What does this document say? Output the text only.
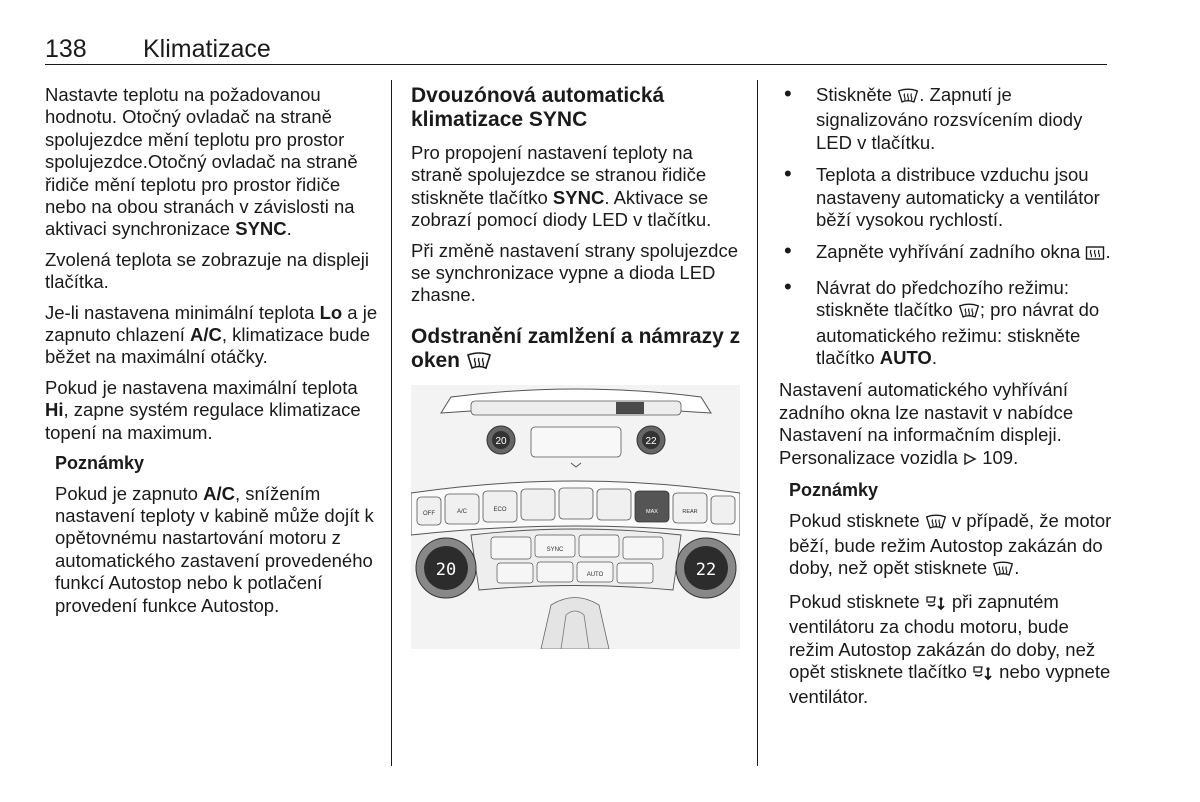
138 Klimatizace

Nastavte teplotu na požadovanou hodnotu. Otočný ovladač na straně spolujezdce mění teplotu pro prostor spolujezdce.Otočný ovladač na straně řidiče mění teplotu pro prostor řidiče nebo na obou stranách v závislosti na aktivaci synchronizace SYNC.

Zvolená teplota se zobrazuje na displeji tlačítka.

Je-li nastavena minimální teplota Lo a je zapnuto chlazení A/C, klimatizace bude běžet na maximální otáčky.

Pokud je nastavena maximální teplota Hi, zapne systém regulace klimatizace topení na maximum.

Poznámky

Pokud je zapnuto A/C, snížením nastavení teploty v kabině může dojít k opětovnému nastartování motoru z automatického zastavení provedeného funkcí Autostop nebo k potlačení provedení funkce Autostop.

Dvouzónová automatická klimatizace SYNC

Pro propojení nastavení teploty na straně spolujezdce se stranou řidiče stiskněte tlačítko SYNC. Aktivace se zobrazí pomocí diody LED v tlačítku.

Při změně nastavení strany spolujezdce se synchronizace vypne a dioda LED zhasne.

Odstranění zamlžení a námrazy z oken
20	22
OFF	A/C	ECO	MAX	REAR
SYNC
AUTO
20	22
• Stiskněte . Zapnutí je signalizováno rozsvícením diody LED v tlačítku.
• Teplota a distribuce vzduchu jsou nastaveny automaticky a ventilátor běží vysokou rychlostí.
• Zapněte vyhřívání zadního okna .
• Návrat do předchozího režimu: stiskněte tlačítko ; pro návrat do automatického režimu: stiskněte tlačítko AUTO.

Nastavení automatického vyhřívání zadního okna lze nastavit v nabídce Nastavení na informačním displeji. Personalizace vozidla  109.

Poznámky

Pokud stisknete  v případě, že motor běží, bude režim Autostop zakázán do doby, než opět stisknete .

Pokud stisknete  při zapnutém ventilátoru za chodu motoru, bude režim Autostop zakázán do doby, než opět stisknete tlačítko  nebo vypnete ventilátor.
